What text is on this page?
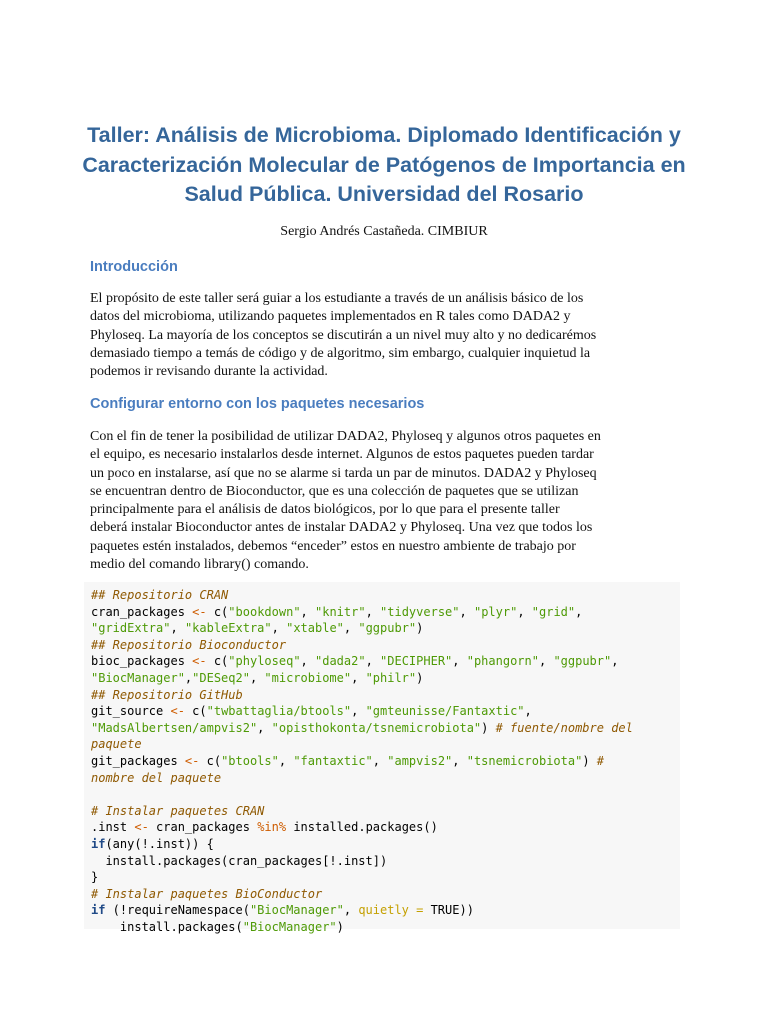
Taller: Análisis de Microbioma. Diplomado Identificación y
Caracterización Molecular de Patógenos de Importancia en
Salud Pública. Universidad del Rosario
Sergio Andrés Castañeda. CIMBIUR
Introducción
El propósito de este taller será guiar a los estudiante a través de un análisis básico de los
datos del microbioma, utilizando paquetes implementados en R tales como DADA2 y
Phyloseq. La mayoría de los conceptos se discutirán a un nivel muy alto y no dedicarémos
demasiado tiempo a temás de código y de algoritmo, sim embargo, cualquier inquietud la
podemos ir revisando durante la actividad.
Configurar entorno con los paquetes necesarios
Con el fin de tener la posibilidad de utilizar DADA2, Phyloseq y algunos otros paquetes en
el equipo, es necesario instalarlos desde internet. Algunos de estos paquetes pueden tardar
un poco en instalarse, así que no se alarme si tarda un par de minutos. DADA2 y Phyloseq
se encuentran dentro de Bioconductor, que es una colección de paquetes que se utilizan
principalmente para el análisis de datos biológicos, por lo que para el presente taller
deberá instalar Bioconductor antes de instalar DADA2 y Phyloseq. Una vez que todos los
paquetes estén instalados, debemos “enceder” estos en nuestro ambiente de trabajo por
medio del comando library() comando.
## Repositorio CRAN
cran_packages <- c("bookdown", "knitr", "tidyverse", "plyr", "grid",
"gridExtra", "kableExtra", "xtable", "ggpubr")
## Repositorio Bioconductor
bioc_packages <- c("phyloseq", "dada2", "DECIPHER", "phangorn", "ggpubr",
"BiocManager","DESeq2", "microbiome", "philr")
## Repositorio GitHub
git_source <- c("twbattaglia/btools", "gmteunisse/Fantaxtic",
"MadsAlbertsen/ampvis2", "opisthokonta/tsnemicrobiota") # fuente/nombre del
paquete
git_packages <- c("btools", "fantaxtic", "ampvis2", "tsnemicrobiota") #
nombre del paquete

# Instalar paquetes CRAN
.inst <- cran_packages %in% installed.packages()
if(any(!.inst)) {
install.packages(cran_packages[!.inst])
}
# Instalar paquetes BioConductor
if (!requireNamespace("BiocManager", quietly = TRUE))
install.packages("BiocManager")
